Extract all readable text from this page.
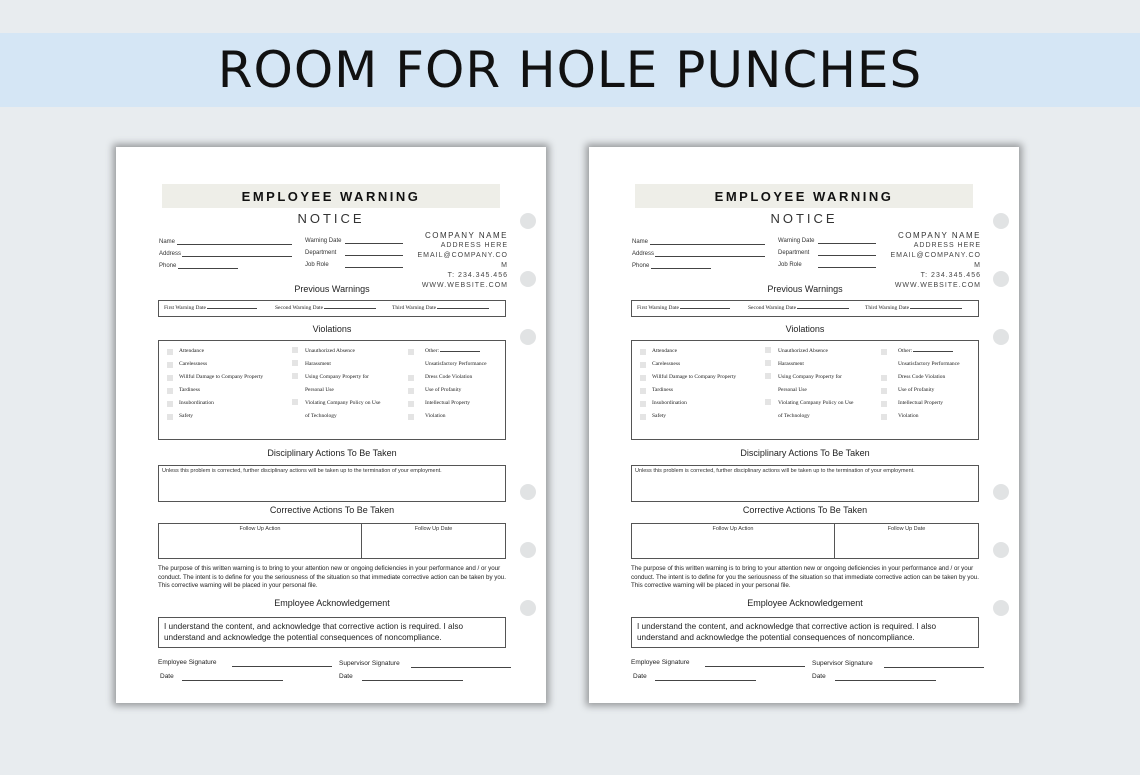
ROOM FOR HOLE PUNCHES
EMPLOYEE WARNING
NOTICE
Name
Address
Phone
Warning Date
Department
Job Role
COMPANY NAME
ADDRESS HERE
EMAIL@COMPANY.CO
M
T: 234.345.456
WWW.WEBSITE.COM
Previous Warnings
First Warning Date	Second Warning Date	Third Warning Date
Violations
Attendance
Carelessness
Willful Damage to Company Property
Tardiness
Insubordination
Safety
Unauthorized Absence
Harassment
Using Company Property for
Personal Use
Violating Company Policy on Use
of Technology
Other:
Unsatisfactory Performance
Dress Code Violation
Use of Profanity
Intellectual Property
Violation
Disciplinary Actions To Be Taken
Unless this problem is corrected, further disciplinary actions will be taken up to the termination of your employment.
Corrective Actions To Be Taken
Follow Up Action	Follow Up Date
The purpose of this written warning is to bring to your attention new or ongoing deficiencies in your performance and / or your conduct. The intent is to define for you the seriousness of the situation so that immediate corrective action can be taken by you. This corrective warning will be placed in your personal file.
Employee Acknowledgement
I understand the content, and acknowledge that corrective action is required. I also understand and acknowledge the potential consequences of noncompliance.
Employee Signature	Supervisor Signature
Date	Date
EMPLOYEE WARNING
NOTICE
Name
Address
Phone
Warning Date
Department
Job Role
COMPANY NAME
ADDRESS HERE
EMAIL@COMPANY.CO
M
T: 234.345.456
WWW.WEBSITE.COM
Previous Warnings
First Warning Date	Second Warning Date	Third Warning Date
Violations
Attendance
Carelessness
Willful Damage to Company Property
Tardiness
Insubordination
Safety
Unauthorized Absence
Harassment
Using Company Property for
Personal Use
Violating Company Policy on Use
of Technology
Other:
Unsatisfactory Performance
Dress Code Violation
Use of Profanity
Intellectual Property
Violation
Disciplinary Actions To Be Taken
Unless this problem is corrected, further disciplinary actions will be taken up to the termination of your employment.
Corrective Actions To Be Taken
Follow Up Action	Follow Up Date
The purpose of this written warning is to bring to your attention new or ongoing deficiencies in your performance and / or your conduct. The intent is to define for you the seriousness of the situation so that immediate corrective action can be taken by you. This corrective warning will be placed in your personal file.
Employee Acknowledgement
I understand the content, and acknowledge that corrective action is required. I also understand and acknowledge the potential consequences of noncompliance.
Employee Signature	Supervisor Signature
Date	Date
